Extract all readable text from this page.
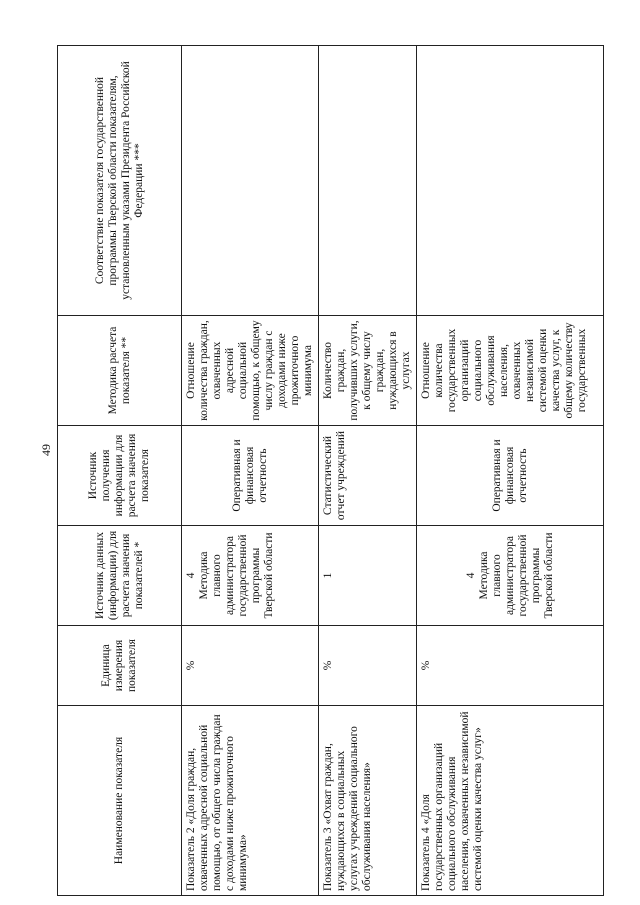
49
Наименование показателя	Единица измерения показателя	Источник данных (информации) для расчета значения показателей *	Источник получения информации для расчета значения показателя	Методика расчета показателя **	Соответствие показателя государственной программы Тверской области показателям, установленным указами Президента Российской Федерации ***
Показатель 2 «Доля граждан, охваченных адресной социальной помощью, от общего числа граждан с доходами ниже прожиточного минимума»	%	4 Методика главного администратора государственной программы Тверской области	Оперативная и финансовая отчетность	Отношение количества граждан, охваченных адресной социальной помощью, к общему числу граждан с доходами ниже прожиточного минимума	
Показатель 3 «Охват граждан, нуждающихся в социальных услугах учреждений социального обслуживания населения»	%	1	Статистический отчет учреждений	Количество граждан, получивших услуги, к общему числу граждан, нуждающихся в услугах	
Показатель 4 «Доля государственных организаций социального обслуживания населения, охваченных независимой системой оценки качества услуг»	%	4 Методика главного администратора государственной программы Тверской области	Оперативная и финансовая отчетность	Отношение количества государственных организаций социального обслуживания населения, охваченных независимой системой оценки качества услуг, к общему количеству государственных	
